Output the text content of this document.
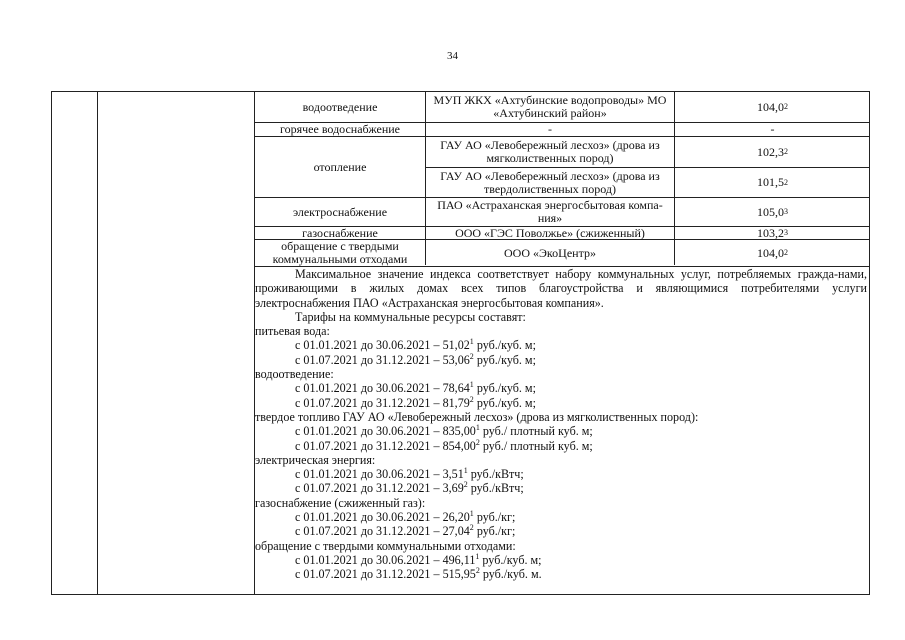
34
водоотведение	МУП ЖКХ «Ахтубинские водопроводы» МО «Ахтубинский район»	104,0 2
горячее водоснабжение	-	-
отопление
ГАУ АО «Левобережный лесхоз» (дрова из мягколиственных пород)	102,3 2
ГАУ АО «Левобережный лесхоз» (дрова из твердолиственных пород)	101,5 2
электроснабжение	ПАО «Астраханская энергосбытовая компа-ния»	105,0 3
газоснабжение	ООО «ГЭС Поволжье» (сжиженный)	103,2 3
обращение с твердыми коммунальными отходами	ООО «ЭкоЦентр»	104,0 2
Максимальное значение индекса соответствует набору коммунальных услуг, потребляемых гражда-нами, проживающими в жилых домах всех типов благоустройства и являющимися потребителями услуги электроснабжения ПАО «Астраханская энергосбытовая компания».
Тарифы на коммунальные ресурсы составят:
питьевая вода:
с 01.01.2021 до 30.06.2021 – 51,02$^1$ руб./куб. м;
с 01.07.2021 до 31.12.2021 – 53,06$^2$ руб./куб. м;
водоотведение:
с 01.01.2021 до 30.06.2021 – 78,64$^1$ руб./куб. м;
с 01.07.2021 до 31.12.2021 – 81,79$^2$ руб./куб. м;
твердое топливо ГАУ АО «Левобережный лесхоз» (дрова из мягколиственных пород):
с 01.01.2021 до 30.06.2021 – 835,00$^1$ руб./ плотный куб. м;
с 01.07.2021 до 31.12.2021 – 854,00$^2$ руб./ плотный куб. м;
электрическая энергия:
с 01.01.2021 до 30.06.2021 – 3,51$^1$ руб./кВтч;
с 01.07.2021 до 31.12.2021 – 3,69$^2$ руб./кВтч;
газоснабжение (сжиженный газ):
с 01.01.2021 до 30.06.2021 – 26,20$^1$ руб./кг;
с 01.07.2021 до 31.12.2021 – 27,04$^2$ руб./кг;
обращение с твердыми коммунальными отходами:
с 01.01.2021 до 30.06.2021 – 496,11$^1$ руб./куб. м;
с 01.07.2021 до 31.12.2021 – 515,95$^2$ руб./куб. м.
